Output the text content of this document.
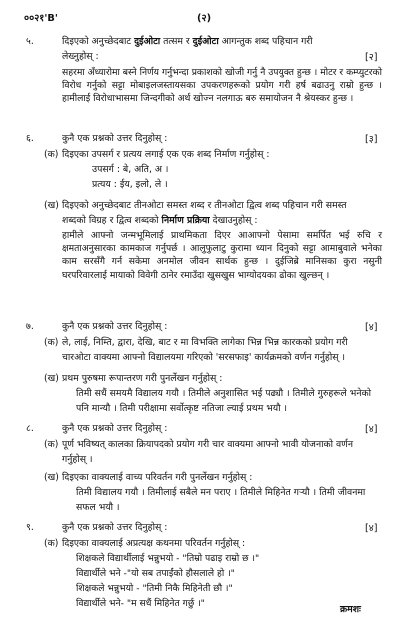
००२१'B'	(२)
५.	दिइएको अनुच्छेदबाट दुईओटा तत्सम र दुईओटा आगन्तुक शब्द पहिचान गरी
लेख्नुहोस् :	[२]
सहरमा अँध्यारोमा बस्ने निर्णय गर्नुभन्दा प्रकाशको खोजी गर्नु नै उपयुक्त हुन्छ । मोटर र कम्प्युटरको विरोध गर्नुको सट्टा मोबाइलजस्तायसका उपकरणहरूको प्रयोग गरी हर्ष बढाउनु राम्रो हुन्छ । हामीलाई विरोधाभासमा जिन्दगीको अर्थ खोज्न नलगाऊ बरु समायोजन नै श्रेयस्कर हुन्छ ।
६.	कुनै एक प्रश्नको उत्तर दिनुहोस् :	[३]
(क) दिइएका उपसर्ग र प्रत्यय लगाई एक एक शब्द निर्माण गर्नुहोस् :
उपसर्ग : बे, अति, अ ।
प्रत्यय : ईय, इलो, ले ।
(ख) दिइएको अनुच्छेदबाट तीनओटा समस्त शब्द र तीनओटा द्वित्व शब्द पहिचान गरी समस्त
शब्दको विग्रह र द्वित्व शब्दको निर्माण प्रक्रिया देखाउनुहोस् :
हामीले आफ्नो जन्मभूमिलाई प्राथमिकता दिएर आआफ्नो पेसामा समर्पित भई रुचि र क्षमताअनुसारका कामकाज गर्नुपर्छ । आलुफुलाटु कुरामा ध्यान दिनुको सट्टा आमाबुवाले भनेका काम सरसँगै गर्न सकेमा अनमोल जीवन सार्थक हुन्छ । दुईजिब्रे मानिसका कुरा नसुनी घरपरिवारलाई मायाको विवेगी ठानेर रमाउँदा खुसखुस भाग्योदयका ढोका खुल्छन् ।
७.	कुनै एक प्रश्नको उत्तर दिनुहोस् :	[४]
(क) ले, लाई, निम्ति, द्वारा, देखि, बाट र मा विभक्ति लागेका भिन्न भिन्न कारकको प्रयोग गरी
चारओटा वाक्यमा आफ्नो विद्यालयमा गरिएको 'सरसफाइ' कार्यक्रमको वर्णन गर्नुहोस् ।
(ख) प्रथम पुरुषमा रूपान्तरण गरी पुनर्लेखन गर्नुहोस् :
तिमी सधैं समयमै विद्यालय गयौ । तिमीले अनुशासित भई पढ्यौ । तिमीले गुरुहरूले भनेको
पनि मान्यौ । तिमी परीक्षामा सर्वोत्कृष्ट नतिजा ल्याई प्रथम भयौ ।
८.	कुनै एक प्रश्नको उत्तर दिनुहोस् :	[४]
(क) पूर्ण भविष्यत् कालका क्रियापदको प्रयोग गरी चार वाक्यमा आफ्नो भावी योजनाको वर्णन
गर्नुहोस् ।
(ख) दिइएका वाक्यलाई वाच्य परिवर्तन गरी पुनर्लेखन गर्नुहोस् :
तिमी विद्यालय गयौ । तिमीलाई सबैले मन पराए । तिमीले मिहिनेत गर्‍यौ । तिमी जीवनमा
सफल भयौ ।
९.	कुनै एक प्रश्नको उत्तर दिनुहोस् :	[४]
(क) दिइएका वाक्यलाई अप्रत्यक्ष कथनमा परिवर्तन गर्नुहोस् :
शिक्षकले विद्यार्थीलाई भन्नुभयो - "तिम्रो पढाइ राम्रो छ ।"
विद्यार्थीले भने -"यो सब तपाईंको हौसलाले हो ।"
शिक्षकले भन्नुभयो - "तिमी निकै मिहिनेती छौ ।"
विद्यार्थीले भने- "म सधैं मिहिनेत गर्छु ।"
क्रमशः
